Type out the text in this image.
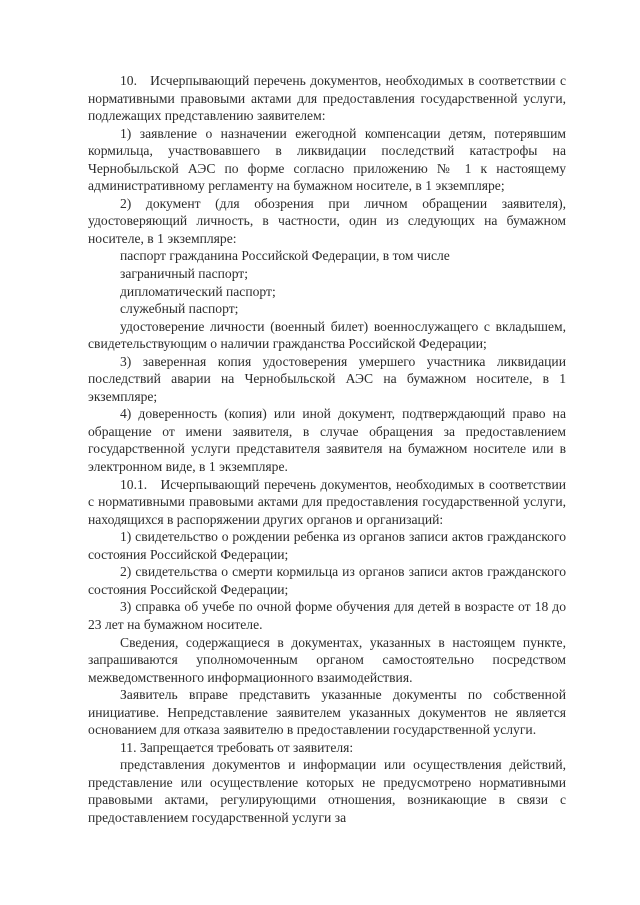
10.   Исчерпывающий перечень документов, необходимых в соответствии с нормативными правовыми актами для предоставления государственной услуги, подлежащих представлению заявителем:

1) заявление о назначении ежегодной компенсации детям, потерявшим кормильца, участвовавшего в ликвидации последствий катастрофы на Чернобыльской АЭС по форме согласно приложению № 1 к настоящему административному регламенту на бумажном носителе, в 1 экземпляре;

2) документ (для обозрения при личном обращении заявителя), удостоверяющий личность, в частности, один из следующих на бумажном носителе, в 1 экземпляре:

паспорт гражданина Российской Федерации, в том числе

заграничный паспорт;

дипломатический паспорт;

служебный паспорт;

удостоверение личности (военный билет) военнослужащего с вкладышем, свидетельствующим о наличии гражданства Российской Федерации;

3) заверенная копия удостоверения умершего участника ликвидации последствий аварии на Чернобыльской АЭС на бумажном носителе, в 1 экземпляре;

4) доверенность (копия) или иной документ, подтверждающий право на обращение от имени заявителя, в случае обращения за предоставлением государственной услуги представителя заявителя на бумажном носителе или в электронном виде, в 1 экземпляре.

10.1.   Исчерпывающий перечень документов, необходимых в соответствии с нормативными правовыми актами для предоставления государственной услуги, находящихся в распоряжении других органов и организаций:

1) свидетельство о рождении ребенка из органов записи актов гражданского состояния Российской Федерации;

2) свидетельства о смерти кормильца из органов записи актов гражданского состояния Российской Федерации;

3) справка об учебе по очной форме обучения для детей в возрасте от 18 до 23 лет на бумажном носителе.

Сведения, содержащиеся в документах, указанных в настоящем пункте, запрашиваются уполномоченным органом самостоятельно посредством межведомственного информационного взаимодействия.

Заявитель вправе представить указанные документы по собственной инициативе. Непредставление заявителем указанных документов не является основанием для отказа заявителю в предоставлении государственной услуги.

11. Запрещается требовать от заявителя:

представления документов и информации или осуществления действий, представление или осуществление которых не предусмотрено нормативными правовыми актами, регулирующими отношения, возникающие в связи с предоставлением государственной услуги за
